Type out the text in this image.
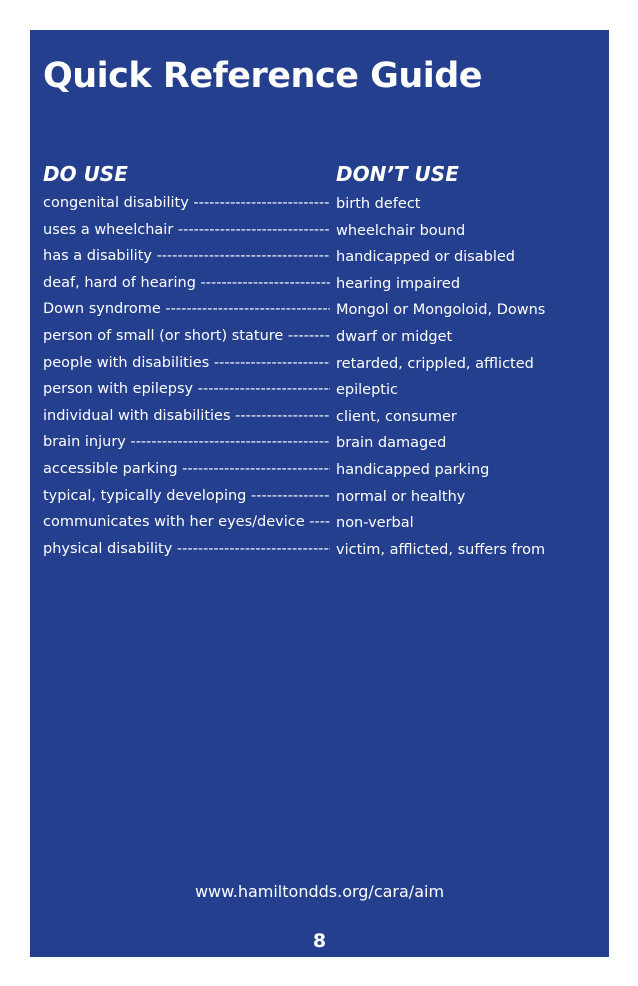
Quick Reference Guide
DO USE	DON’T USE
congenital disability -----	birth defect
uses a wheelchair -----	wheelchair bound
has a disability -----	handicapped or disabled
deaf, hard of hearing -----	hearing impaired
Down syndrome -----	Mongol or Mongoloid, Downs
person of small (or short) stature -----	dwarf or midget
people with disabilities -----	retarded, crippled, afflicted
person with epilepsy -----	epileptic
individual with disabilities -----	client, consumer
brain injury -----	brain damaged
accessible parking -----	handicapped parking
typical, typically developing -----	normal or healthy
communicates with her eyes/device -----	non-verbal
physical disability -----	victim, afflicted, suffers from
www.hamiltondds.org/cara/aim
8
